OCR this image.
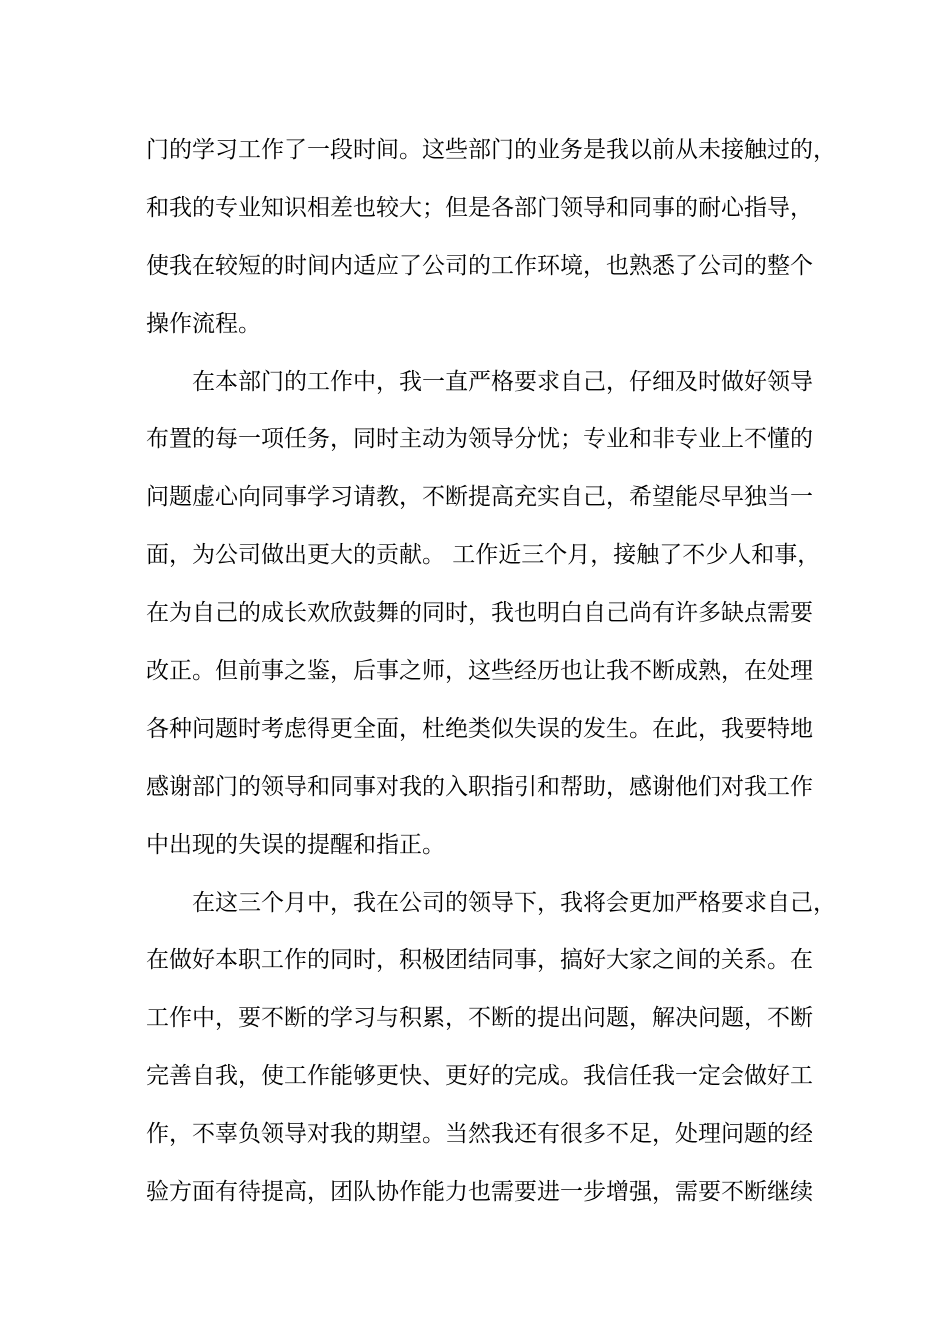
门的学习工作了一段时间。这些部门的业务是我以前从未接触过的，
和我的专业知识相差也较大；但是各部门领导和同事的耐心指导，
使我在较短的时间内适应了公司的工作环境，也熟悉了公司的整个
操作流程。
在本部门的工作中，我一直严格要求自己，仔细及时做好领导
布置的每一项任务，同时主动为领导分忧；专业和非专业上不懂的
问题虚心向同事学习请教，不断提高充实自己，希望能尽早独当一
面，为公司做出更大的贡献。 工作近三个月，接触了不少人和事，
在为自己的成长欢欣鼓舞的同时，我也明白自己尚有许多缺点需要
改正。但前事之鉴，后事之师，这些经历也让我不断成熟，在处理
各种问题时考虑得更全面，杜绝类似失误的发生。在此，我要特地
感谢部门的领导和同事对我的入职指引和帮助，感谢他们对我工作
中出现的失误的提醒和指正。
在这三个月中，我在公司的领导下，我将会更加严格要求自己，
在做好本职工作的同时，积极团结同事，搞好大家之间的关系。在
工作中，要不断的学习与积累，不断的提出问题，解决问题，不断
完善自我，使工作能够更快、更好的完成。我信任我一定会做好工
作，不辜负领导对我的期望。当然我还有很多不足，处理问题的经
验方面有待提高，团队协作能力也需要进一步增强，需要不断继续
